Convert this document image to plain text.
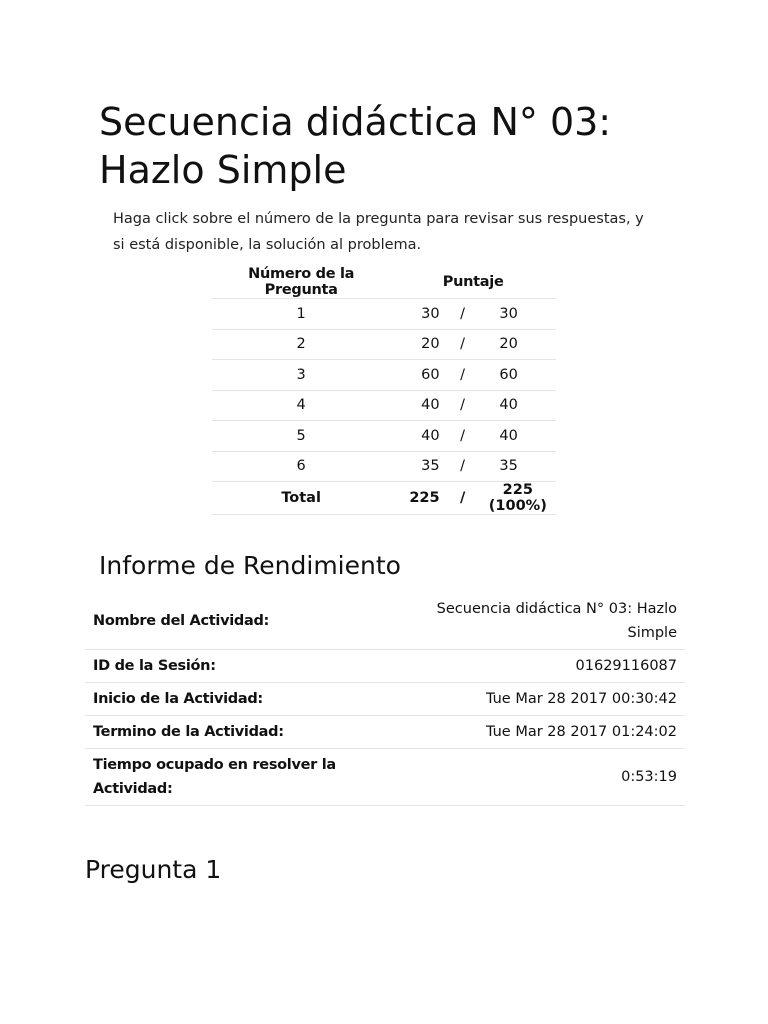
Secuencia didáctica N° 03: Hazlo Simple

Haga click sobre el número de la pregunta para revisar sus respuestas, y si está disponible, la solución al problema.

Número de la Pregunta	Puntaje		
1	30	/	30
2	20	/	20
3	60	/	60
4	40	/	40
5	40	/	40
6	35	/	35
Total	225	/	225 (100%)
Informe de Rendimiento
Nombre del Actividad:	Secuencia didáctica N° 03: Hazlo Simple
ID de la Sesión:	01629116087
Inicio de la Actividad:	Tue Mar 28 2017 00:30:42
Termino de la Actividad:	Tue Mar 28 2017 01:24:02
Tiempo ocupado en resolver la Actividad:	0:53:19
Pregunta 1
